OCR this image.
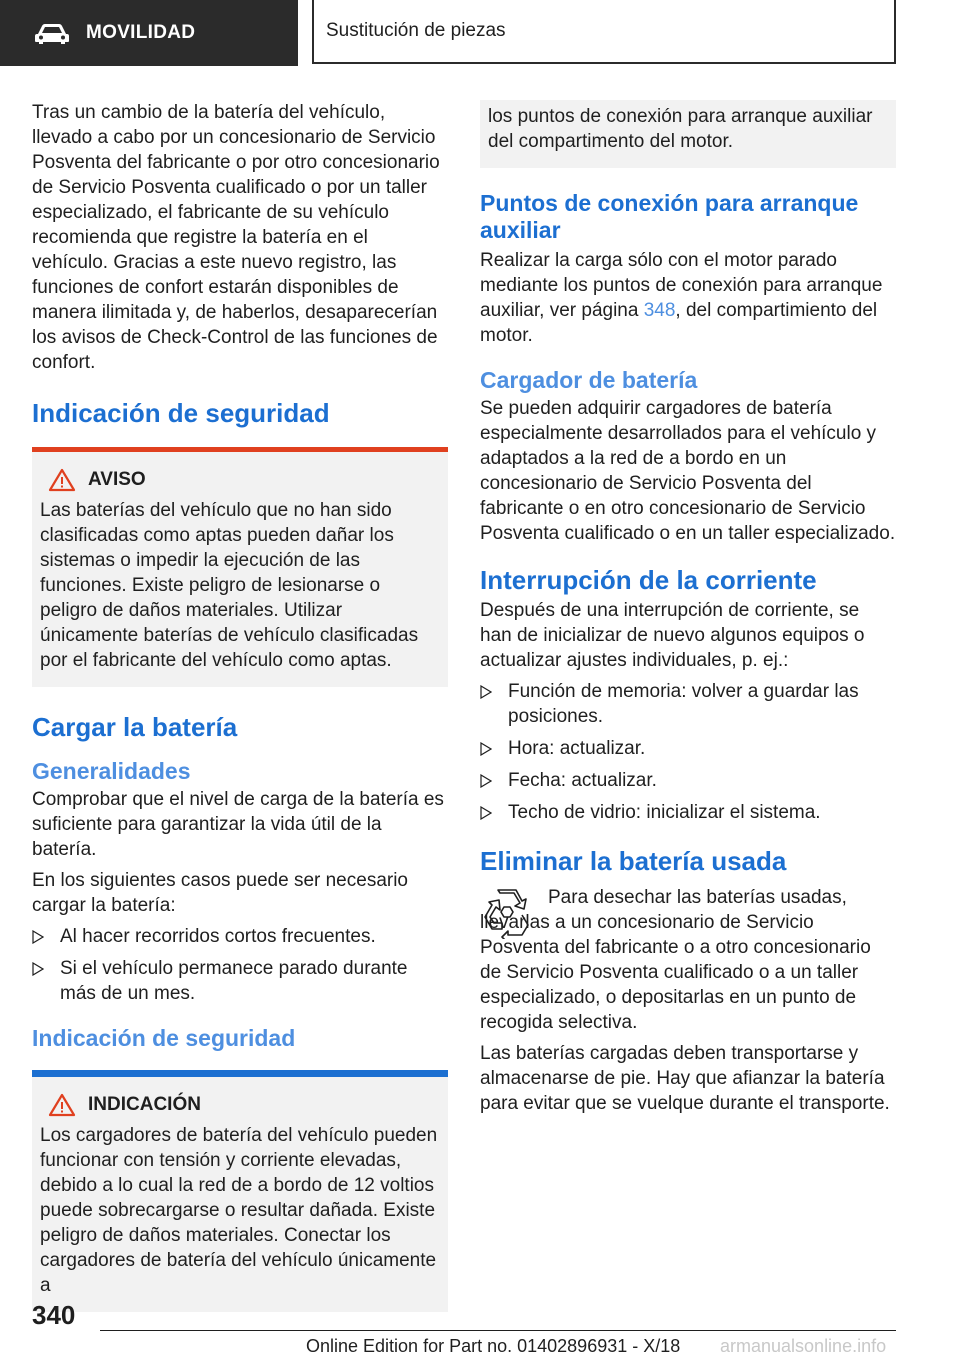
MOVILIDAD	Sustitución de piezas

Tras un cambio de la batería del vehículo, llevado a cabo por un concesionario de Servicio Posventa del fabricante o por otro concesionario de Servicio Posventa cualificado o por un taller especializado, el fabricante de su vehículo recomienda que registre la batería en el vehículo. Gracias a este nuevo registro, las funciones de confort estarán disponibles de manera ilimitada y, de haberlos, desaparecerían los avisos de Check-Control de las funciones de confort.

Indicación de seguridad
AVISO

Las baterías del vehículo que no han sido clasificadas como aptas pueden dañar los sistemas o impedir la ejecución de las funciones. Existe peligro de lesionarse o peligro de daños materiales. Utilizar únicamente baterías de vehículo clasificadas por el fabricante del vehículo como aptas.

Cargar la batería
Generalidades

Comprobar que el nivel de carga de la batería es suficiente para garantizar la vida útil de la batería.

En los siguientes casos puede ser necesario cargar la batería:

Al hacer recorridos cortos frecuentes.
Si el vehículo permanece parado durante más de un mes.
Indicación de seguridad
INDICACIÓN

Los cargadores de batería del vehículo pueden funcionar con tensión y corriente elevadas, debido a lo cual la red de a bordo de 12 voltios puede sobrecargarse o resultar dañada. Existe peligro de daños materiales. Conectar los cargadores de batería del vehículo únicamente a

los puntos de conexión para arranque auxiliar del compartimento del motor.

Puntos de conexión para arranque auxiliar

Realizar la carga sólo con el motor parado mediante los puntos de conexión para arranque auxiliar, ver página 348, del compartimiento del motor.

Cargador de batería

Se pueden adquirir cargadores de batería especialmente desarrollados para el vehículo y adaptados a la red de a bordo en un concesionario de Servicio Posventa del fabricante o en otro concesionario de Servicio Posventa cualificado o en un taller especializado.

Interrupción de la corriente

Después de una interrupción de corriente, se han de inicializar de nuevo algunos equipos o actualizar ajustes individuales, p. ej.:

Función de memoria: volver a guardar las posiciones.
Hora: actualizar.
Fecha: actualizar.
Techo de vidrio: inicializar el sistema.
Eliminar la batería usada

Para desechar las baterías usadas, llevarlas a un concesionario de Servicio Posventa del fabricante o a otro concesionario de Servicio Posventa cualificado o a un taller especializado, o depositarlas en un punto de recogida selectiva.

Las baterías cargadas deben transportarse y almacenarse de pie. Hay que afianzar la batería para evitar que se vuelque durante el transporte.

340
Online Edition for Part no. 01402896931 - X/18 armanualsonline.info
